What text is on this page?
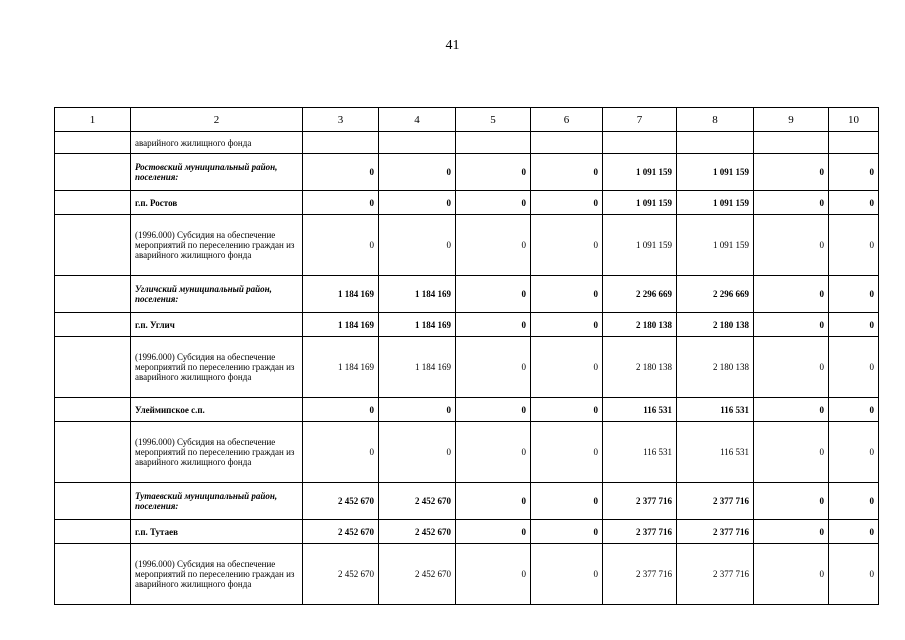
41
1	2	3	4	5	6	7	8	9	10
	аварийного жилищного фонда								
	Ростовский муниципальный район, поселения:	0	0	0	0	1 091 159	1 091 159	0	0
	г.п. Ростов	0	0	0	0	1 091 159	1 091 159	0	0
	(1996.000) Субсидия на обеспечение мероприятий по переселению граждан из аварийного жилищного фонда	0	0	0	0	1 091 159	1 091 159	0	0
	Угличский муниципальный район, поселения:	1 184 169	1 184 169	0	0	2 296 669	2 296 669	0	0
	г.п. Углич	1 184 169	1 184 169	0	0	2 180 138	2 180 138	0	0
	(1996.000) Субсидия на обеспечение мероприятий по переселению граждан из аварийного жилищного фонда	1 184 169	1 184 169	0	0	2 180 138	2 180 138	0	0
	Улеймипское с.п.	0	0	0	0	116 531	116 531	0	0
	(1996.000) Субсидия на обеспечение мероприятий по переселению граждан из аварийного жилищного фонда	0	0	0	0	116 531	116 531	0	0
	Тутаевский муниципальный район, поселения:	2 452 670	2 452 670	0	0	2 377 716	2 377 716	0	0
	г.п. Тутаев	2 452 670	2 452 670	0	0	2 377 716	2 377 716	0	0
	(1996.000) Субсидия на обеспечение мероприятий по переселению граждан из аварийного жилищного фонда	2 452 670	2 452 670	0	0	2 377 716	2 377 716	0	0
